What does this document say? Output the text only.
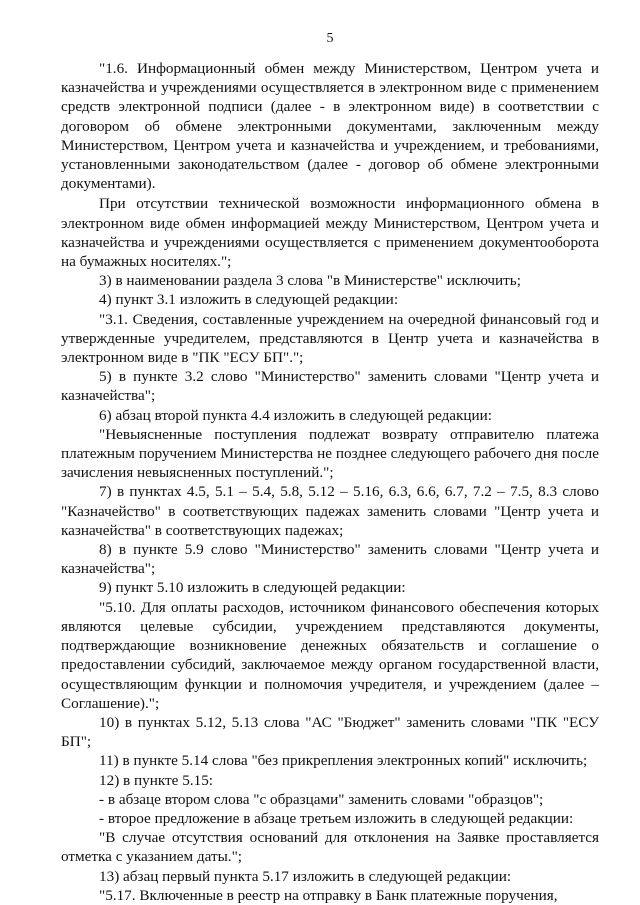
5

"1.6. Информационный обмен между Министерством, Центром учета и казначейства и учреждениями осуществляется в электронном виде с применением средств электронной подписи (далее - в электронном виде) в соответствии с договором об обмене электронными документами, заключенным между Министерством, Центром учета и казначейства и учреждением, и требованиями, установленными законодательством (далее - договор об обмене электронными документами).

При отсутствии технической возможности информационного обмена в электронном виде обмен информацией между Министерством, Центром учета и казначейства и учреждениями осуществляется с применением документооборота на бумажных носителях.";

3) в наименовании раздела 3 слова "в Министерстве" исключить;

4) пункт 3.1 изложить в следующей редакции:

"3.1. Сведения, составленные учреждением на очередной финансовый год и утвержденные учредителем, представляются в Центр учета и казначейства в электронном виде в "ПК "ЕСУ БП".";

5) в пункте 3.2 слово "Министерство" заменить словами "Центр учета и казначейства";

6) абзац второй пункта 4.4 изложить в следующей редакции:

"Невыясненные поступления подлежат возврату отправителю платежа платежным поручением Министерства не позднее следующего рабочего дня после зачисления невыясненных поступлений.";

7) в пунктах 4.5, 5.1 – 5.4, 5.8, 5.12 – 5.16, 6.3, 6.6, 6.7, 7.2 – 7.5, 8.3 слово "Казначейство" в соответствующих падежах заменить словами "Центр учета и казначейства" в соответствующих падежах;

8) в пункте 5.9 слово "Министерство" заменить словами "Центр учета и казначейства";

9) пункт 5.10 изложить в следующей редакции:

"5.10. Для оплаты расходов, источником финансового обеспечения которых являются целевые субсидии, учреждением представляются документы, подтверждающие возникновение денежных обязательств и соглашение о предоставлении субсидий, заключаемое между органом государственной власти, осуществляющим функции и полномочия учредителя, и учреждением (далее – Соглашение).";

10) в пунктах 5.12, 5.13 слова "АС "Бюджет" заменить словами "ПК "ЕСУ БП";

11) в пункте 5.14 слова "без прикрепления электронных копий" исключить;

12) в пункте 5.15:

- в абзаце втором слова "с образцами" заменить словами "образцов";

- второе предложение в абзаце третьем изложить в следующей редакции:

"В случае отсутствия оснований для отклонения на Заявке проставляется отметка с указанием даты.";

13) абзац первый пункта 5.17 изложить в следующей редакции:

"5.17. Включенные в реестр на отправку в Банк платежные поручения,
